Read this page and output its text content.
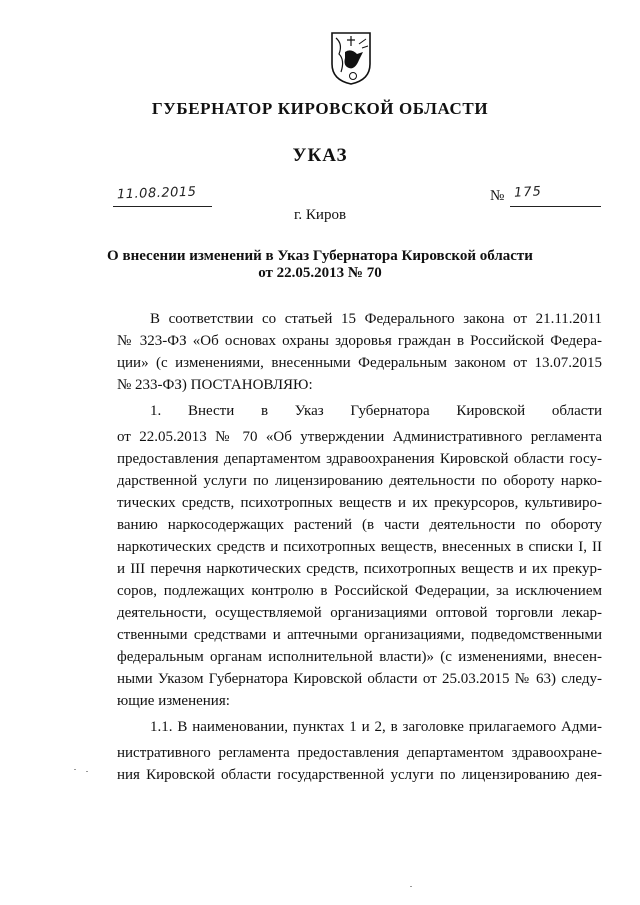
ГУБЕРНАТОР КИРОВСКОЙ ОБЛАСТИ
УКАЗ
11.08.2015	№ 175
г. Киров
О внесении изменений в Указ Губернатора Кировской области
от 22.05.2013 № 70
В соответствии со статьей 15 Федерального закона от 21.11.2011
№ 323-ФЗ «Об основах охраны здоровья граждан в Российской Федера-
ции» (с изменениями, внесенными Федеральным законом от 13.07.2015
№ 233-ФЗ) ПОСТАНОВЛЯЮ:
1. Внести в Указ Губернатора Кировской области
от 22.05.2013 № 70 «Об утверждении Административного регламента
предоставления департаментом здравоохранения Кировской области госу-
дарственной услуги по лицензированию деятельности по обороту нарко-
тических средств, психотропных веществ и их прекурсоров, культивиро-
ванию наркосодержащих растений (в части деятельности по обороту
наркотических средств и психотропных веществ, внесенных в списки I, II
и III перечня наркотических средств, психотропных веществ и их прекур-
соров, подлежащих контролю в Российской Федерации, за исключением
деятельности, осуществляемой организациями оптовой торговли лекар-
ственными средствами и аптечными организациями, подведомственными
федеральным органам исполнительной власти)» (с изменениями, внесен-
ными Указом Губернатора Кировской области от 25.03.2015 № 63) следу-
ющие изменения:
1.1. В наименовании, пунктах 1 и 2, в заголовке прилагаемого Адми-
нистративного регламента предоставления департаментом здравоохране-
ния Кировской области государственной услуги по лицензированию дея-
